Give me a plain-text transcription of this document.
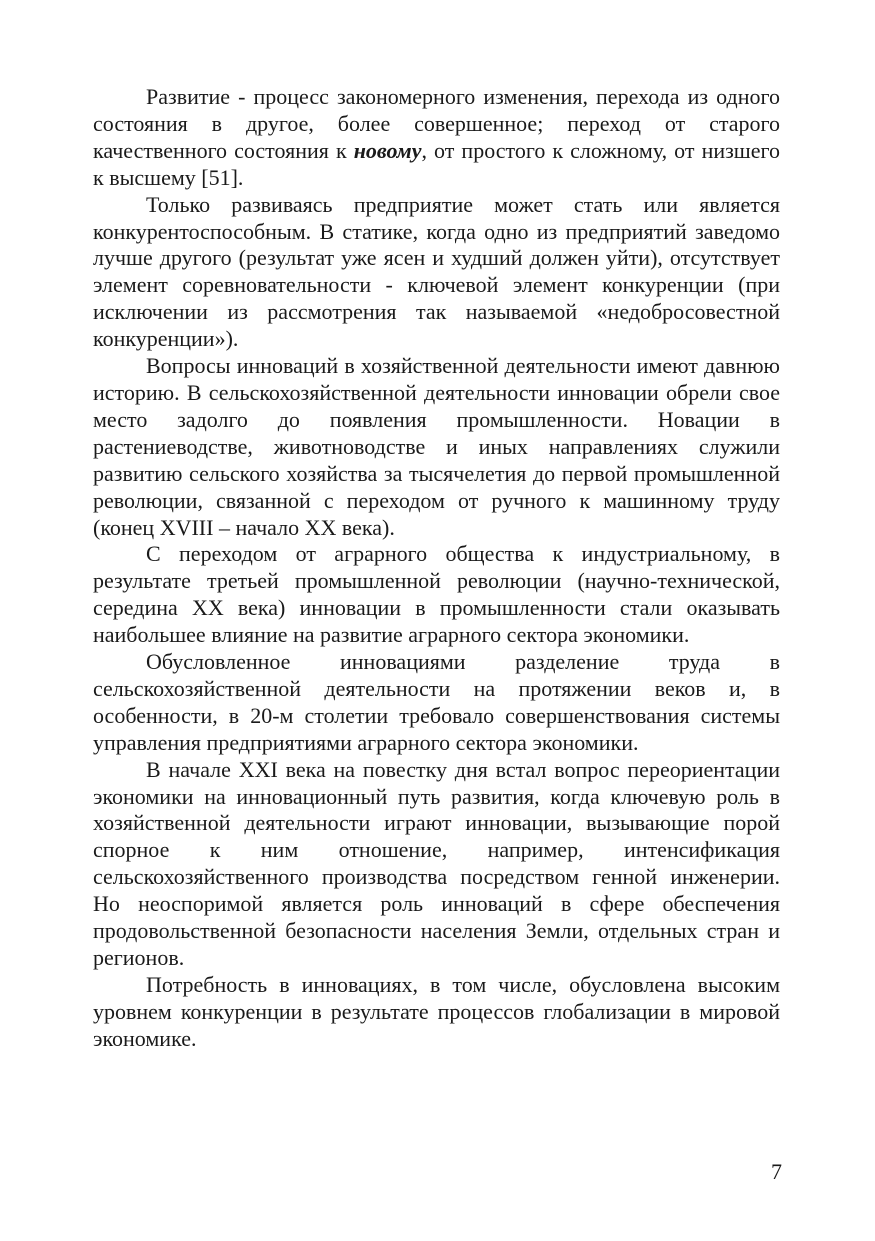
Развитие - процесс закономерного изменения, перехода из одного состояния в другое, более совершенное; переход от старого качественного состояния к новому, от простого к сложному, от низшего к высшему [51].

Только развиваясь предприятие может стать или является конкурентоспособным. В статике, когда одно из предприятий заведомо лучше другого (результат уже ясен и худший должен уйти), отсутствует элемент соревновательности - ключевой элемент конкуренции (при исключении из рассмотрения так называемой «недобросовестной конкуренции»).

Вопросы инноваций в хозяйственной деятельности имеют давнюю историю. В сельскохозяйственной деятельности инновации обрели свое место задолго до появления промышленности. Новации в растениеводстве, животноводстве и иных направлениях служили развитию сельского хозяйства за тысячелетия до первой промышленной революции, связанной с переходом от ручного к машинному труду (конец XVIII – начало XX века).

С переходом от аграрного общества к индустриальному, в результате третьей промышленной революции (научно-технической, середина XX века) инновации в промышленности стали оказывать наибольшее влияние на развитие аграрного сектора экономики.

Обусловленное инновациями разделение труда в сельскохозяйственной деятельности на протяжении веков и, в особенности, в 20-м столетии требовало совершенствования системы управления предприятиями аграрного сектора экономики.

В начале XXI века на повестку дня встал вопрос переориентации экономики на инновационный путь развития, когда ключевую роль в хозяйственной деятельности играют инновации, вызывающие порой спорное к ним отношение, например, интенсификация сельскохозяйственного производства посредством генной инженерии. Но неоспоримой является роль инноваций в сфере обеспечения продовольственной безопасности населения Земли, отдельных стран и регионов.

Потребность в инновациях, в том числе, обусловлена высоким уровнем конкуренции в результате процессов глобализации в мировой экономике.

7
